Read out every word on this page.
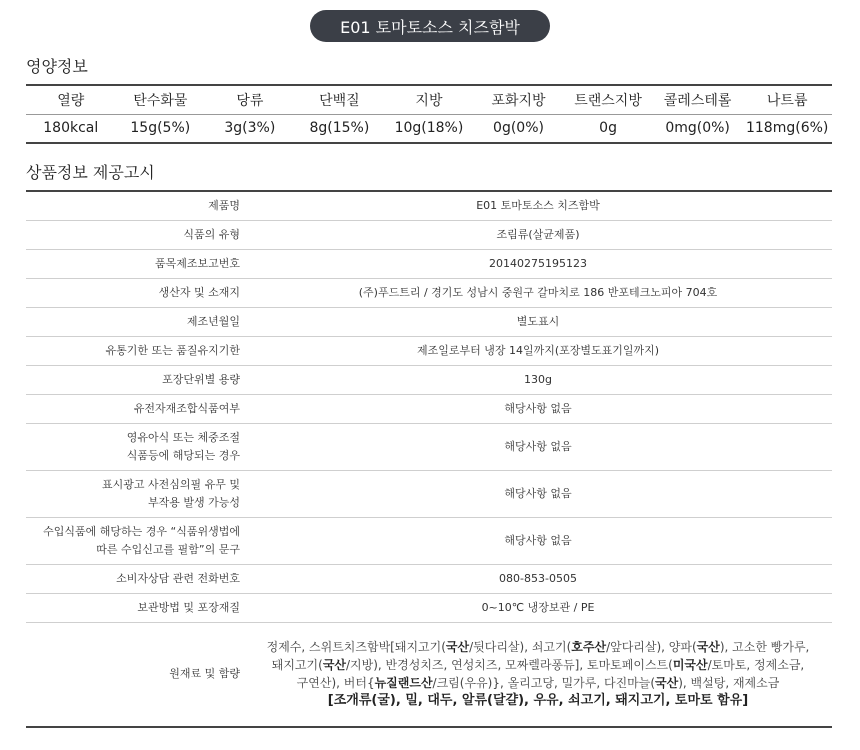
E01 토마토소스 치즈함박
영양정보
열량	탄수화물	당류	단백질	지방	포화지방	트랜스지방	콜레스테롤	나트륨
180kcal	15g(5%)	3g(3%)	8g(15%)	10g(18%)	0g(0%)	0g	0mg(0%)	118mg(6%)
상품정보 제공고시
제품명	E01 토마토소스 치즈함박
식품의 유형	조림류(살균제품)
품목제조보고번호	20140275195123
생산자 및 소재지	(주)푸드트리 / 경기도 성남시 중원구 갈마치로 186 반포테크노피아 704호
제조년월일	별도표시
유통기한 또는 품질유지기한	제조일로부터 냉장 14일까지(포장별도표기일까지)
포장단위별 용량	130g
유전자재조합식품여부	해당사항 없음

영유아식 또는 체중조절
식품등에 해당되는 경우	해당사항 없음

표시광고 사전심의필 유무 및
부작용 발생 가능성	해당사항 없음

수입식품에 해당하는 경우 “식품위생법에
따른 수입신고를 필함”의 문구	해당사항 없음
소비자상담 관련 전화번호	080-853-0505
보관방법 및 포장재질	0~10℃ 냉장보관 / PE
원재료 및 함량	정제수, 스위트치즈함박[돼지고기(국산/뒷다리살), 쇠고기(호주산/앞다리살), 양파(국산), 고소한 빵가루,
돼지고기(국산/지방), 반경성치즈, 연성치즈, 모짜렐라퐁듀], 토마토페이스트(미국산/토마토, 정제소금,
구연산), 버터{뉴질랜드산/크림(우유)}, 올리고당, 밀가루, 다진마늘(국산), 백설탕, 재제소금
[조개류(굴), 밀, 대두, 알류(달걀), 우유, 쇠고기, 돼지고기, 토마토 함유]
